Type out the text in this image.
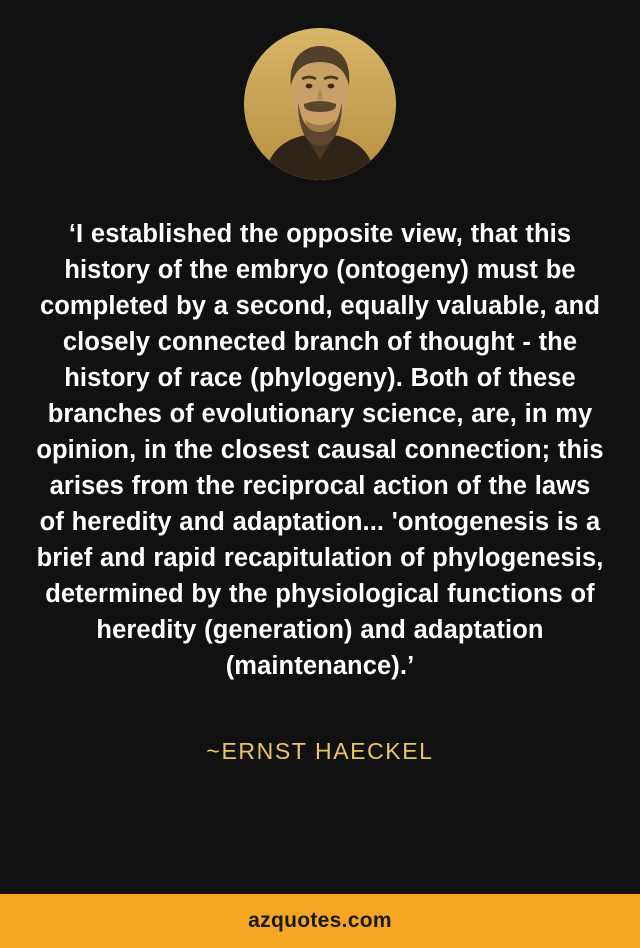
‘I established the opposite view, that this history of the embryo (ontogeny) must be completed by a second, equally valuable, and closely connected branch of thought - the history of race (phylogeny). Both of these branches of evolutionary science, are, in my opinion, in the closest causal connection; this arises from the reciprocal action of the laws of heredity and adaptation... 'ontogenesis is a brief and rapid recapitulation of phylogenesis, determined by the physiological functions of heredity (generation) and adaptation (maintenance).’
~ERNST HAECKEL
azquotes.com
